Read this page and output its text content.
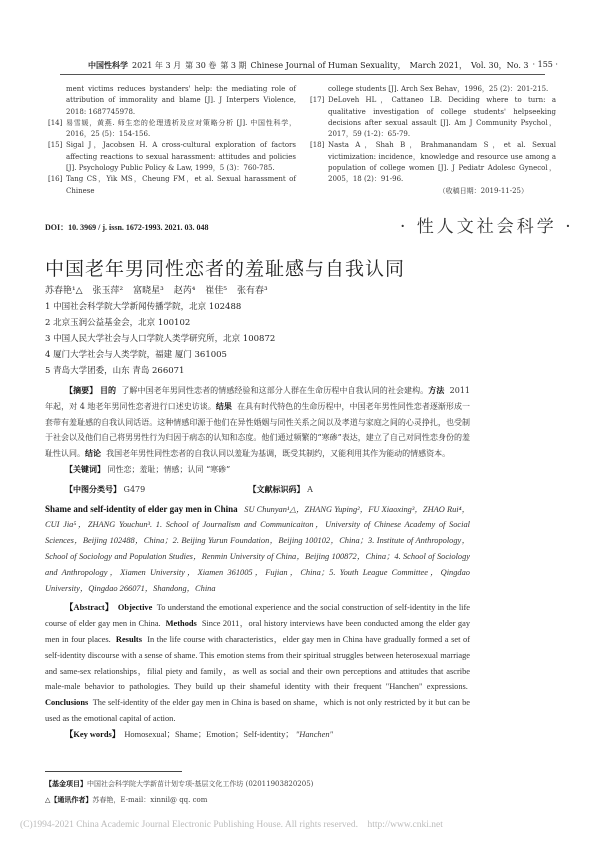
中国性科学 2021 年 3 月 第 30 卷 第 3 期 Chinese Journal of Human Sexuality， March 2021， Vol. 30，No. 3 · 155 ·
ment victims reduces bystanders' help: the mediating role of attribution of immorality and blame [J]. J Interpers Violence, 2018: 1687745978.
[14] 易雪媛，黄燕. 师生恋的伦理透析及应对策略分析 [J]. 中国性科学，2016，25 (5)：154-156.
[15] Sigal J，Jacobsen H. A cross-cultural exploration of factors affecting reactions to sexual harassment: attitudes and policies [J]. Psychology Public Policy & Law, 1999，5 (3)：760-785.
[16] Tang CS，Yik MS，Cheung FM，et al. Sexual harassment of Chinese
college students [J]. Arch Sex Behav，1996，25 (2)：201-215.
[17] DeLoveh HL，Cattaneo LB. Deciding where to turn: a qualitative investigation of college students' helpseeking decisions after sexual assault [J]. Am J Community Psychol，2017，59 (1-2)：65-79.
[18] Nasta A，Shah B，Brahmanandam S，et al. Sexual victimization: incidence，knowledge and resource use among a population of college women [J]. J Pediatr Adolesc Gynecol，2005，18 (2)：91-96.
（收稿日期：2019-11-25）
DOI：10. 3969 / j. issn. 1672-1993. 2021. 03. 048	· 性人文社会科学 ·
中国老年男同性恋者的羞耻感与自我认同
苏春艳¹△ 张玉萍² 富晓星³ 赵芮⁴ 崔佳⁵ 张有春³
1 中国社会科学院大学新闻传播学院，北京 102488
2 北京玉润公益基金会，北京 100102
3 中国人民大学社会与人口学院人类学研究所，北京 100872
4 厦门大学社会与人类学院，福建 厦门 361005
5 青岛大学团委，山东 青岛 266071
【摘要】 目的 了解中国老年男同性恋者的情感经验和这部分人群在生命历程中自我认同的社会建构。方法 2011 年起，对 4 地老年男同性恋者进行口述史访谈。结果 在具有时代特色的生命历程中，中国老年男性同性恋者逐渐形成一套带有羞耻感的自我认同话语。这种情感印源于他们在异性婚姻与同性关系之间以及孝道与家庭之间的心灵挣扎，也受制于社会以及他们自己将男男性行为归因于病态的认知和态度。他们通过频繁的“寒碜”表达，建立了自己对同性恋身份的羞耻性认同。结论 我国老年男性同性恋者的自我认同以羞耻为基调，既受其制约，又能利用其作为能动的情感资本。
【关键词】 同性恋；羞耻；情感；认同 “寒碜”
【中图分类号】 G479	【文献标识码】 A
Shame and self-identity of elder gay men in China SU Chunyan¹△，ZHANG Yuping²，FU Xiaoxing³，ZHAO Rui⁴，CUI Jia⁵，ZHANG Youchun³. 1. School of Journalism and Communicaiton，University of Chinese Academy of Social Sciences，Beijing 102488，China；2. Beijing Yurun Foundation，Beijing 100102，China；3. Institute of Anthropology，School of Sociology and Population Studies，Renmin University of China，Beijing 100872，China；4. School of Sociology and Anthropology，Xiamen University，Xiamen 361005，Fujian，China；5. Youth League Committee，Qingdao University，Qingdao 266071，Shandong，China
【Abstract】 Objective To understand the emotional experience and the social construction of self-identity in the life course of elder gay men in China. Methods Since 2011，oral history interviews have been conducted among the elder gay men in four places. Results In the life course with characteristics，elder gay men in China have gradually formed a set of self-identity discourse with a sense of shame. This emotion stems from their spiritual struggles between heterosexual marriage and same-sex relationships，filial piety and family，as well as social and their own perceptions and attitudes that ascribe male-male behavior to pathologies. They build up their shameful identity with their frequent "Hanchen" expressions.  Conclusions The self-identity of the elder gay men in China is based on shame，which is not only restricted by it but can be used as the emotional capital of action.
【Key words】 Homosexual；Shame；Emotion；Self-identity； "Hanchen"
【基金项目】中国社会科学院大学新苗计划专项-基层文化工作坊 (02011903820205)
△【通讯作者】苏春艳，E-mail：xinnil@ qq. com
(C)1994-2021 China Academic Journal Electronic Publishing House. All rights reserved.    http://www.cnki.net
